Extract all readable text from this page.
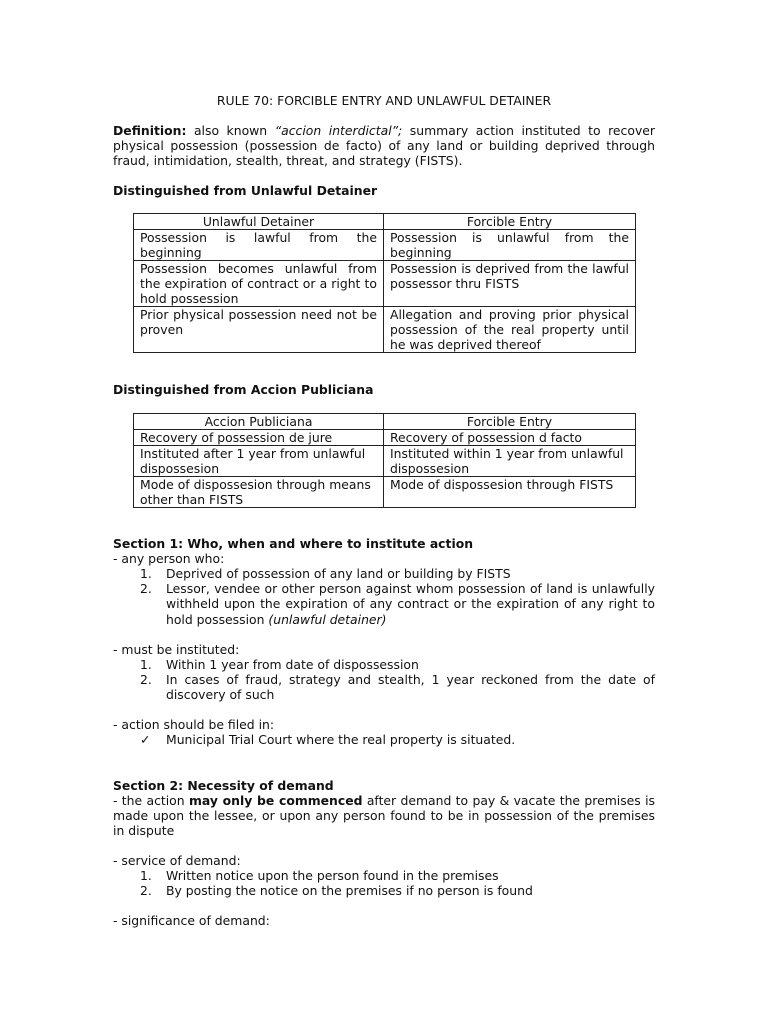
RULE 70: FORCIBLE ENTRY AND UNLAWFUL DETAINER
Definition: also known “accion interdictal”; summary action instituted to recover physical possession (possession de facto) of any land or building deprived through fraud, intimidation, stealth, threat, and strategy (FISTS).
Distinguished from Unlawful Detainer
Unlawful Detainer	Forcible Entry
Possession is lawful from the beginning	Possession is unlawful from the beginning
Possession becomes unlawful from the expiration of contract or a right to hold possession	Possession is deprived from the lawful possessor thru FISTS
Prior physical possession need not be proven	Allegation and proving prior physical possession of the real property until he was deprived thereof
Distinguished from Accion Publiciana
Accion Publiciana	Forcible Entry
Recovery of possession de jure	Recovery of possession d facto
Instituted after 1 year from unlawful dispossesion	Instituted within 1 year from unlawful dispossesion
Mode of dispossesion through means other than FISTS	Mode of dispossesion through FISTS
Section 1: Who, when and where to institute action
- any person who:
1.	Deprived of possession of any land or building by FISTS
2.	Lessor, vendee or other person against whom possession of land is unlawfully withheld upon the expiration of any contract or the expiration of any right to hold possession (unlawful detainer)
- must be instituted:
1.	Within 1 year from date of dispossession
2.	In cases of fraud, strategy and stealth, 1 year reckoned from the date of discovery of such
- action should be filed in:
✓	Municipal Trial Court where the real property is situated.
Section 2: Necessity of demand
- the action may only be commenced after demand to pay & vacate the premises is made upon the lessee, or upon any person found to be in possession of the premises in dispute
- service of demand:
1.	Written notice upon the person found in the premises
2.	By posting the notice on the premises if no person is found
- significance of demand:
